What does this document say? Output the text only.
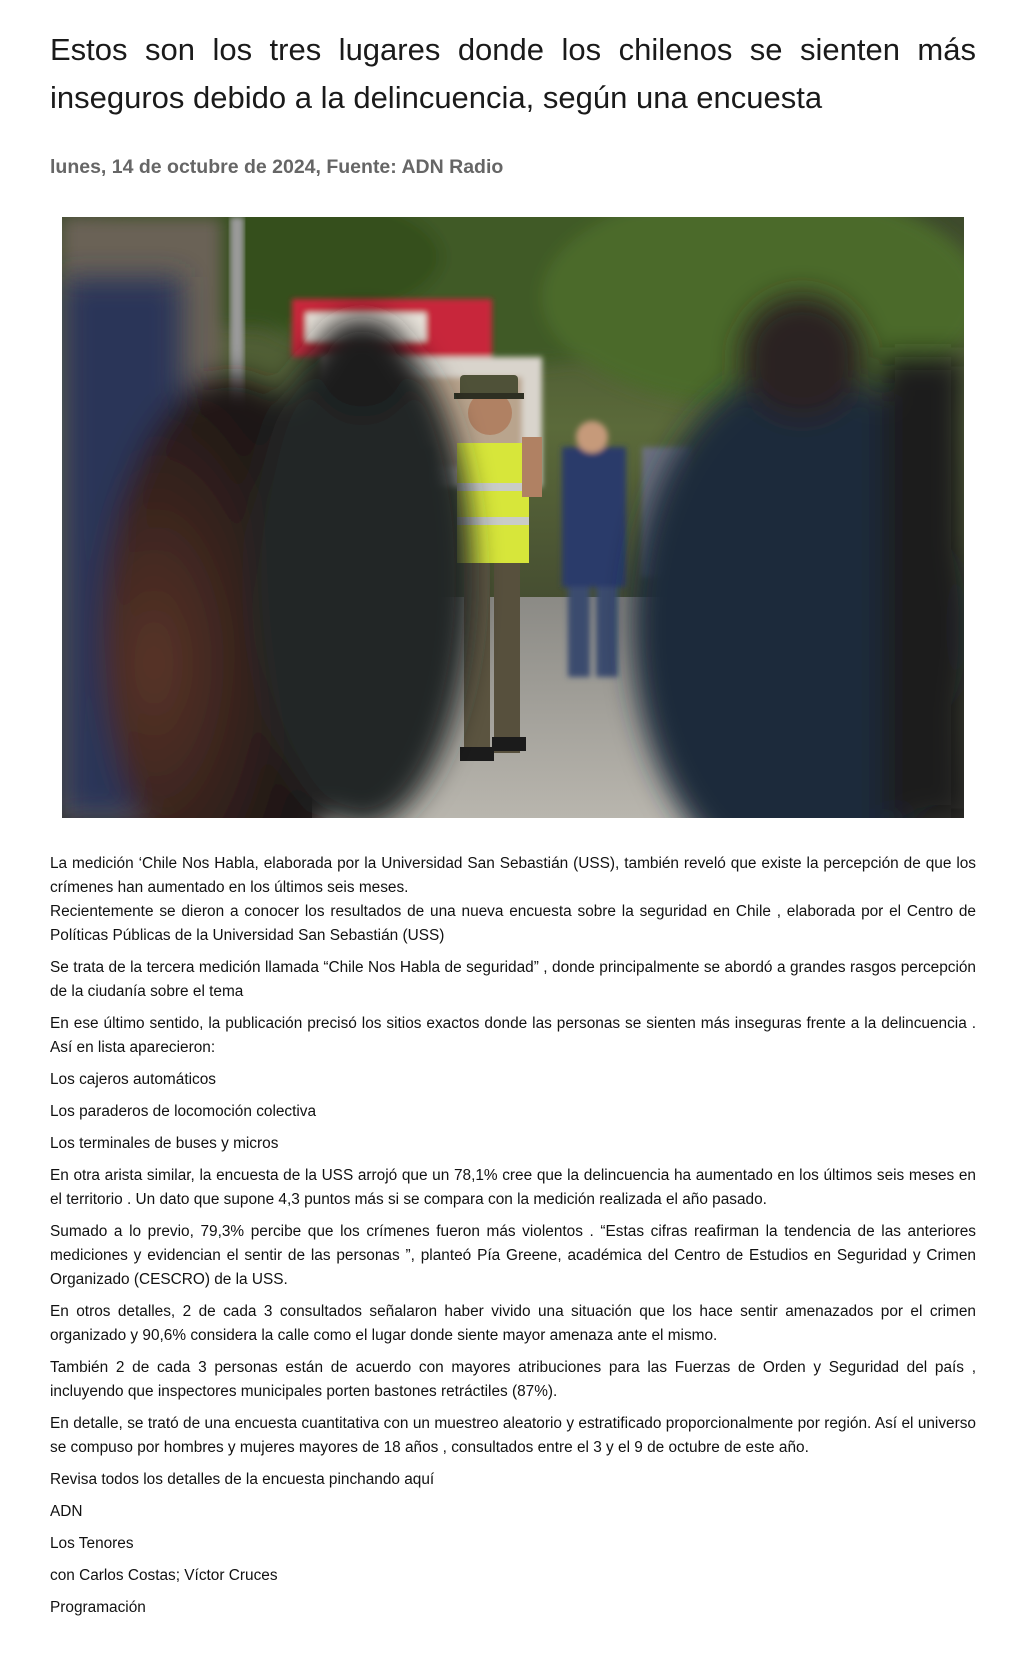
Estos son los tres lugares donde los chilenos se sienten más inseguros debido a la delincuencia, según una encuesta
lunes, 14 de octubre de 2024, Fuente: ADN Radio

La medición ‘Chile Nos Habla, elaborada por la Universidad San Sebastián (USS), también reveló que existe la percepción de que los crímenes han aumentado en los últimos seis meses.

Recientemente se dieron a conocer los resultados de una nueva encuesta sobre la seguridad en Chile , elaborada por el Centro de Políticas Públicas de la Universidad San Sebastián (USS)

Se trata de la tercera medición llamada “Chile Nos Habla de seguridad” , donde principalmente se abordó a grandes rasgos percepción de la ciudanía sobre el tema

En ese último sentido, la publicación precisó los sitios exactos donde las personas se sienten más inseguras frente a la delincuencia . Así en lista aparecieron:

Los cajeros automáticos

Los paraderos de locomoción colectiva

Los terminales de buses y micros

En otra arista similar, la encuesta de la USS arrojó que un 78,1% cree que la delincuencia ha aumentado en los últimos seis meses en el territorio . Un dato que supone 4,3 puntos más si se compara con la medición realizada el año pasado.

Sumado a lo previo, 79,3% percibe que los crímenes fueron más violentos . “Estas cifras reafirman la tendencia de las anteriores mediciones y evidencian el sentir de las personas ”, planteó Pía Greene, académica del Centro de Estudios en Seguridad y Crimen Organizado (CESCRO) de la USS.

En otros detalles, 2 de cada 3 consultados señalaron haber vivido una situación que los hace sentir amenazados por el crimen organizado y 90,6% considera la calle como el lugar donde siente mayor amenaza ante el mismo.

También 2 de cada 3 personas están de acuerdo con mayores atribuciones para las Fuerzas de Orden y Seguridad del país , incluyendo que inspectores municipales porten bastones retráctiles (87%).

En detalle, se trató de una encuesta cuantitativa con un muestreo aleatorio y estratificado proporcionalmente por región. Así el universo se compuso por hombres y mujeres mayores de 18 años , consultados entre el 3 y el 9 de octubre de este año.

Revisa todos los detalles de la encuesta pinchando aquí

ADN

Los Tenores

con Carlos Costas; Víctor Cruces

Programación
